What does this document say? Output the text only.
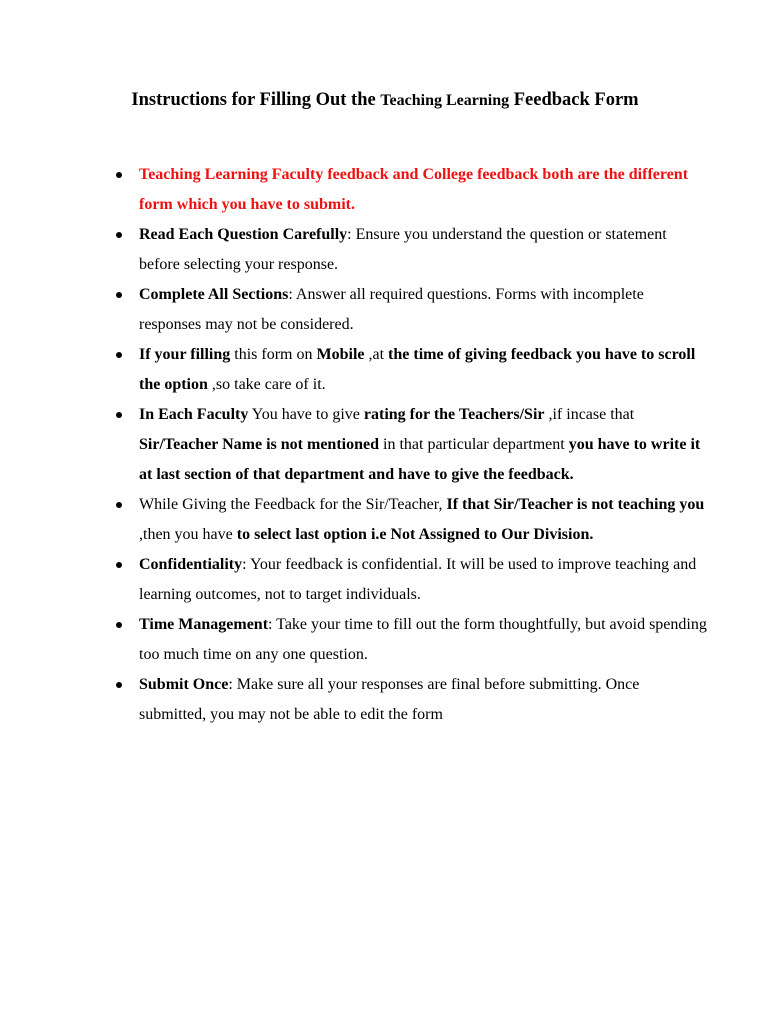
Instructions for Filling Out the Teaching Learning Feedback Form
Teaching Learning Faculty feedback and College feedback both are the different form which you have to submit.
Read Each Question Carefully: Ensure you understand the question or statement before selecting your response.
Complete All Sections: Answer all required questions. Forms with incomplete responses may not be considered.
If your filling this form on Mobile ,at the time of giving feedback you have to scroll the option ,so take care of it.
In Each Faculty You have to give rating for the Teachers/Sir ,if incase that Sir/Teacher Name is not mentioned in that particular department you have to write it at last section of that department and have to give the feedback.
While Giving the Feedback for the Sir/Teacher, If that Sir/Teacher is not teaching you ,then you have to select last option i.e Not Assigned to Our Division.
Confidentiality: Your feedback is confidential. It will be used to improve teaching and learning outcomes, not to target individuals.
Time Management: Take your time to fill out the form thoughtfully, but avoid spending too much time on any one question.
Submit Once: Make sure all your responses are final before submitting. Once submitted, you may not be able to edit the form
